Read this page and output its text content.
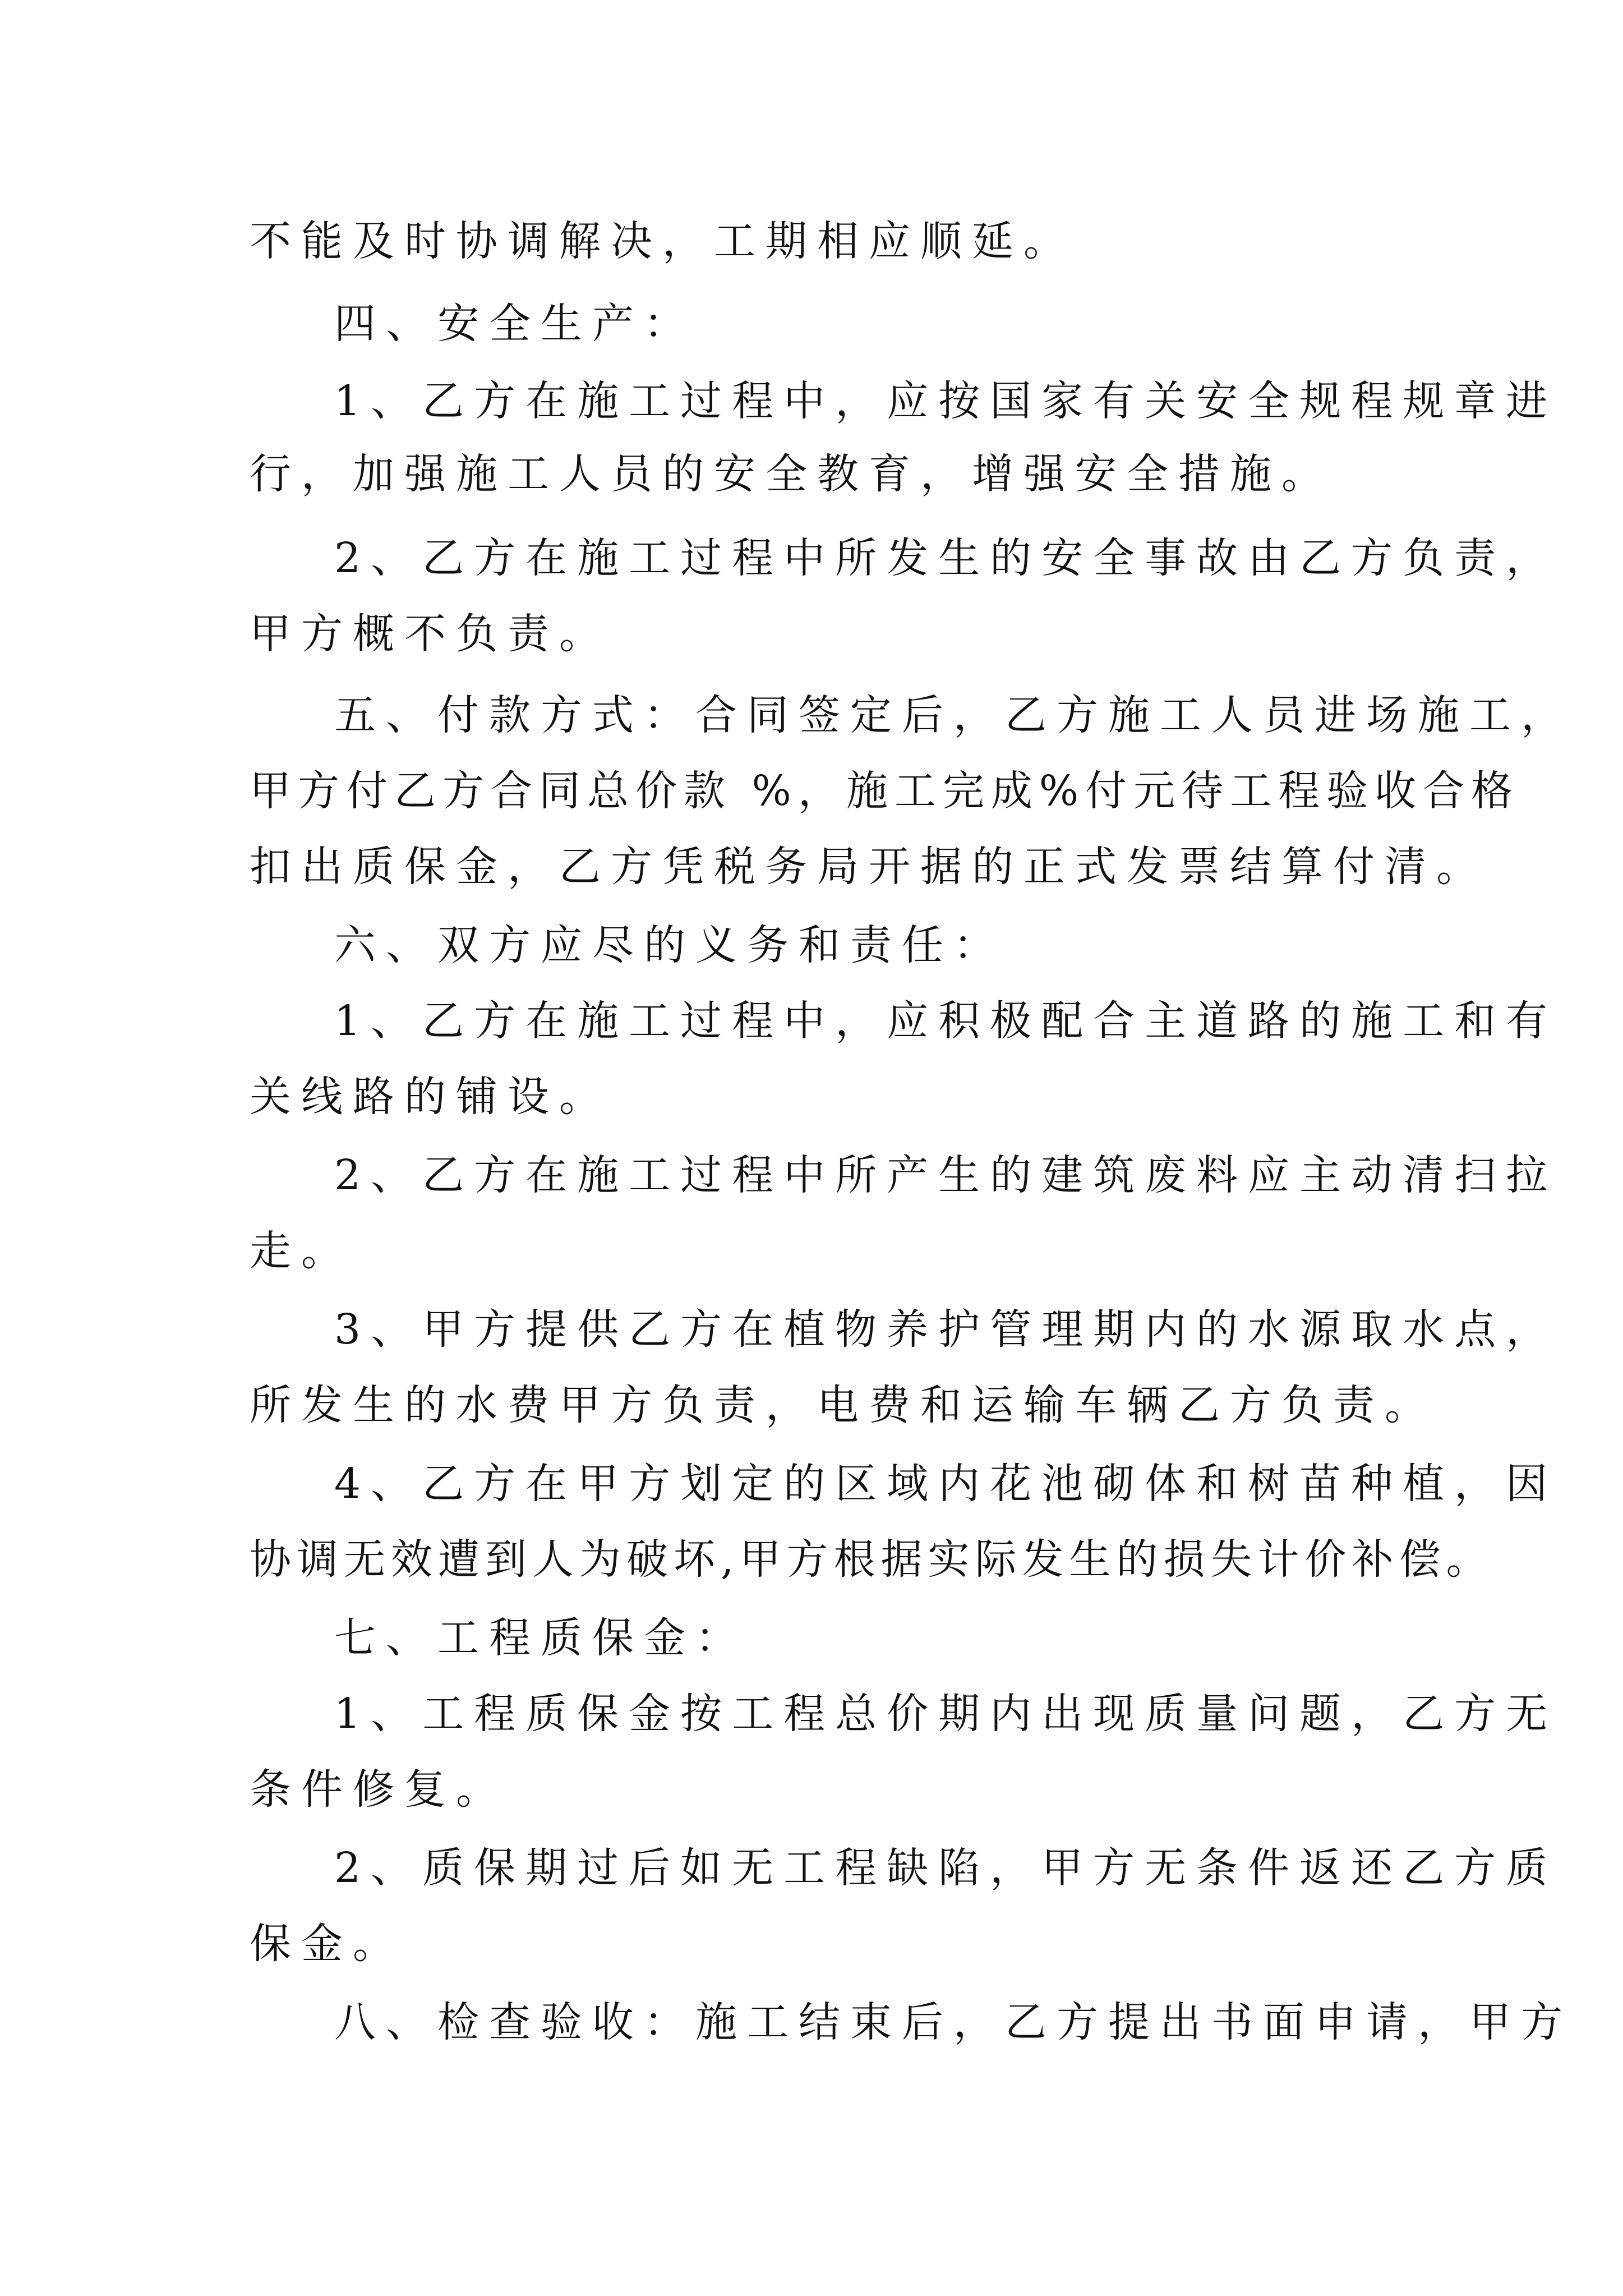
不能及时协调解决，工期相应顺延。

四、安全生产：

1、乙方在施工过程中，应按国家有关安全规程规章进

行，加强施工人员的安全教育，增强安全措施。

2、乙方在施工过程中所发生的安全事故由乙方负责，

甲方概不负责。

五、付款方式：合同签定后，乙方施工人员进场施工，

甲方付乙方合同总价款 %，施工完成%付元待工程验收合格

扣出质保金，乙方凭税务局开据的正式发票结算付清。

六、双方应尽的义务和责任：

1、乙方在施工过程中，应积极配合主道路的施工和有

关线路的铺设。

2、乙方在施工过程中所产生的建筑废料应主动清扫拉

走。

3、甲方提供乙方在植物养护管理期内的水源取水点，

所发生的水费甲方负责，电费和运输车辆乙方负责。

4、乙方在甲方划定的区域内花池砌体和树苗种植，因

协调无效遭到人为破坏,甲方根据实际发生的损失计价补偿。

七、工程质保金：

1、工程质保金按工程总价期内出现质量问题，乙方无

条件修复。

2、质保期过后如无工程缺陷，甲方无条件返还乙方质

保金。

八、检查验收：施工结束后，乙方提出书面申请，甲方
